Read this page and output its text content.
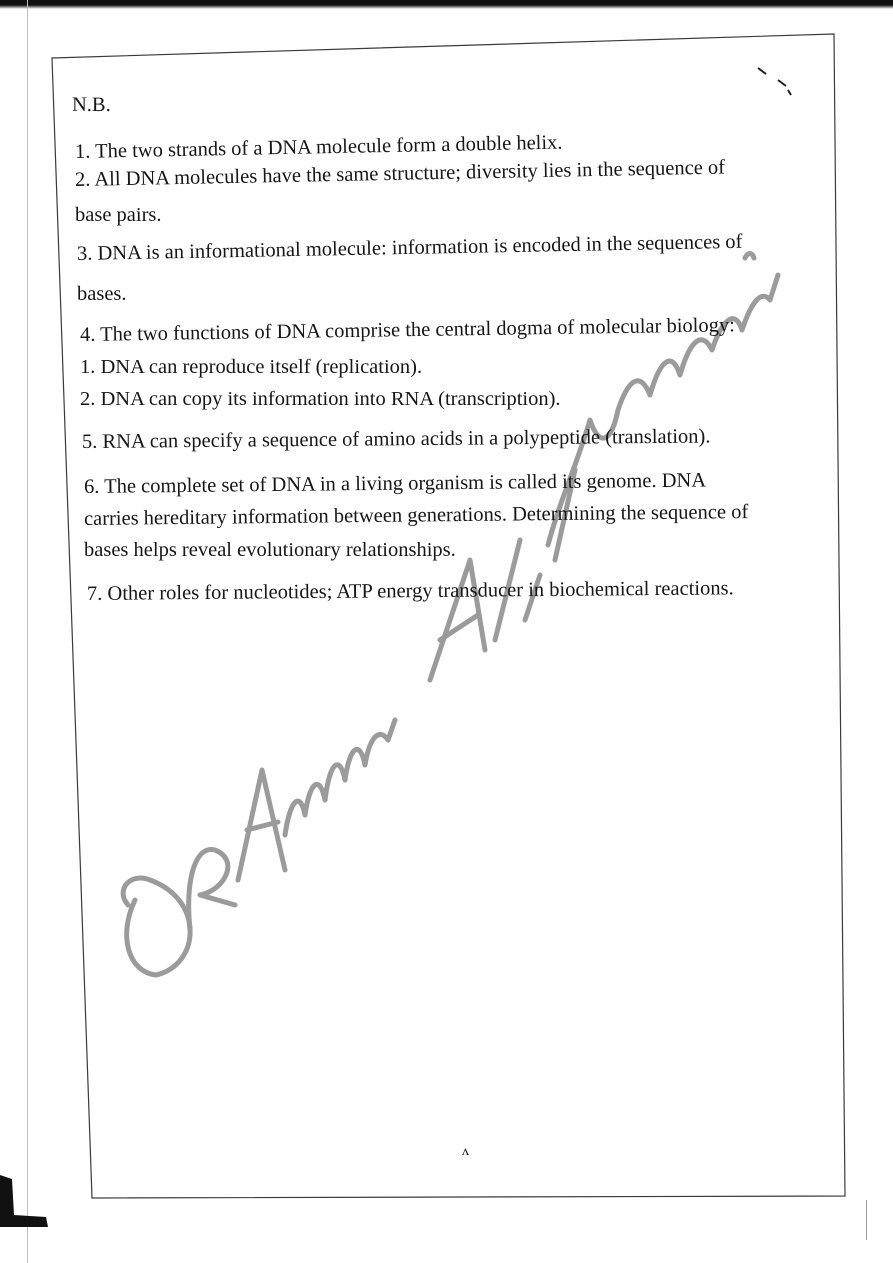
N.B.
1. The two strands of a DNA molecule form a double helix.
2. All DNA molecules have the same structure; diversity lies in the sequence of
base pairs.
3. DNA is an informational molecule: information is encoded in the sequences of
bases.
4. The two functions of DNA comprise the central dogma of molecular biology:
1. DNA can reproduce itself (replication).
2. DNA can copy its information into RNA (transcription).
5. RNA can specify a sequence of amino acids in a polypeptide (translation).
6. The complete set of DNA in a living organism is called its genome. DNA
carries hereditary information between generations. Determining the sequence of
bases helps reveal evolutionary relationships.
7. Other roles for nucleotides; ATP energy transducer in biochemical reactions.
ʌ
